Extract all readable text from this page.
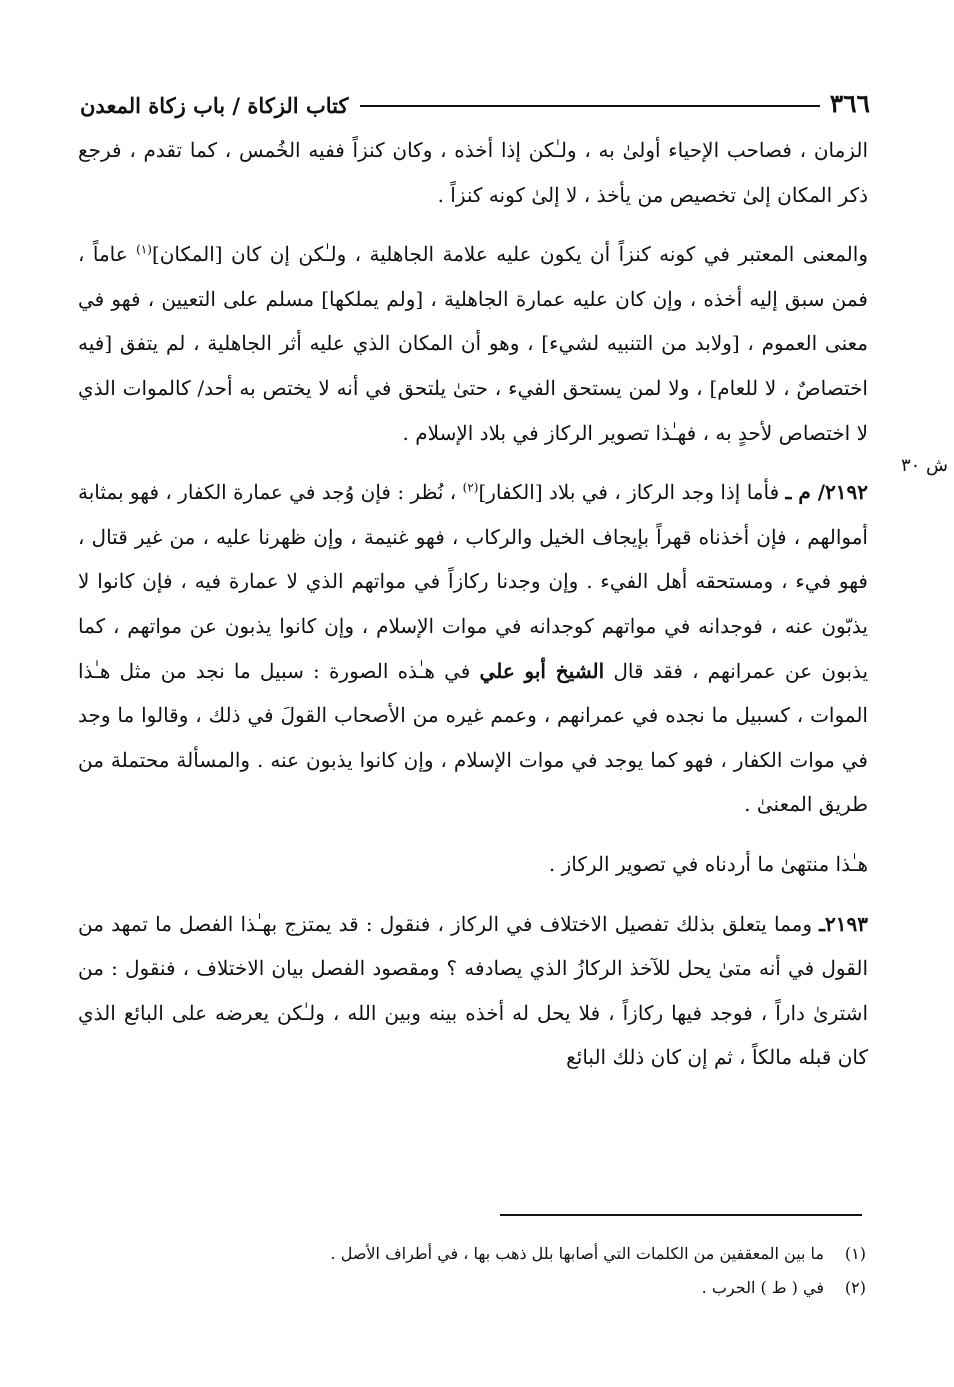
٣٦٦
كتاب الزكاة / باب زكاة المعدن
ش ٣٠

الزمان ، فصاحب الإحياء أولىٰ به ، ولـٰكن إذا أخذه ، وكان كنزاً ففيه الخُمس ، كما تقدم ، فرجع ذكر المكان إلىٰ تخصيص من يأخذ ، لا إلىٰ كونه كنزاً .

والمعنى المعتبر في كونه كنزاً أن يكون عليه علامة الجاهلية ، ولـٰكن إن كان [المكان]$^{(١)}$ عاماً ، فمن سبق إليه أخذه ، وإن كان عليه عمارة الجاهلية ، [ولم يملكها] مسلم على التعيين ، فهو في معنى العموم ، [ولابد من التنبيه لشيء] ، وهو أن المكان الذي عليه أثر الجاهلية ، لم يتفق [فيه اختصاصٌ ، لا للعام] ، ولا لمن يستحق الفيء ، حتىٰ يلتحق في أنه لا يختص به أحد/ كالموات الذي لا اختصاص لأحدٍ به ، فهـٰذا تصوير الركاز في بلاد الإسلام .

٢١٩٢/ م ـ فأما إذا وجد الركاز ، في بلاد [الكفار]$^{(٢)}$ ، نُظر : فإن وُجد في عمارة الكفار ، فهو بمثابة أموالهم ، فإن أخذناه قهراً بإيجاف الخيل والركاب ، فهو غنيمة ، وإن ظهرنا عليه ، من غير قتال ، فهو فيء ، ومستحقه أهل الفيء . وإن وجدنا ركازاً في مواتهم الذي لا عمارة فيه ، فإن كانوا لا يذبّون عنه ، فوجدانه في مواتهم كوجدانه في موات الإسلام ، وإن كانوا يذبون عن مواتهم ، كما يذبون عن عمرانهم ، فقد قال الشيخ أبو علي في هـٰذه الصورة : سبيل ما نجد من مثل هـٰذا الموات ، كسبيل ما نجده في عمرانهم ، وعمم غيره من الأصحاب القولَ في ذلك ، وقالوا ما وجد في موات الكفار ، فهو كما يوجد في موات الإسلام ، وإن كانوا يذبون عنه . والمسألة محتملة من طريق المعنىٰ .

هـٰذا منتهىٰ ما أردناه في تصوير الركاز .

٢١٩٣ـ ومما يتعلق بذلك تفصيل الاختلاف في الركاز ، فنقول : قد يمتزج بهـٰذا الفصل ما تمهد من القول في أنه متىٰ يحل للآخذ الركازُ الذي يصادفه ؟ ومقصود الفصل بيان الاختلاف ، فنقول : من اشترىٰ داراً ، فوجد فيها ركازاً ، فلا يحل له أخذه بينه وبين الله ، ولـٰكن يعرضه على البائع الذي كان قبله مالكاً ، ثم إن كان ذلك البائع

(١)
ما بين المعقفين من الكلمات التي أصابها بلل ذهب بها ، في أطراف الأصل .
(٢)
في ( ط ) الحرب .
